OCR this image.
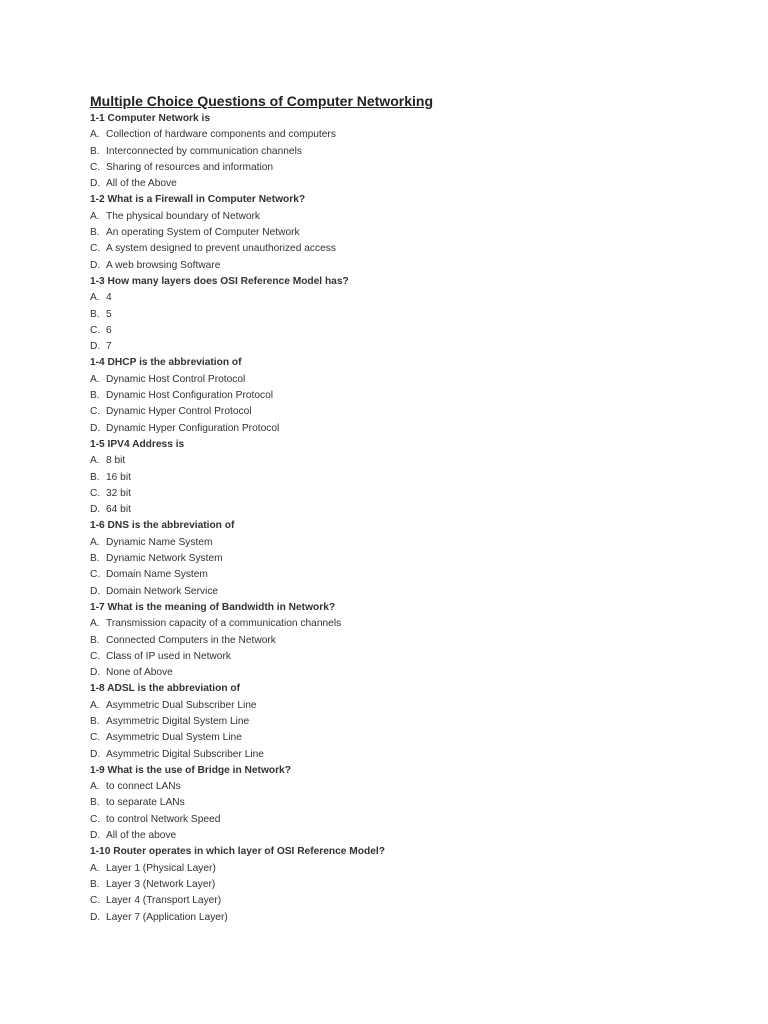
Multiple Choice Questions of Computer Networking
1-1 Computer Network is
A. Collection of hardware components and computers
B. Interconnected by communication channels
C. Sharing of resources and information
D. All of the Above
1-2 What is a Firewall in Computer Network?
A. The physical boundary of Network
B. An operating System of Computer Network
C. A system designed to prevent unauthorized access
D. A web browsing Software
1-3 How many layers does OSI Reference Model has?
A. 4
B. 5
C. 6
D. 7
1-4 DHCP is the abbreviation of
A. Dynamic Host Control Protocol
B. Dynamic Host Configuration Protocol
C. Dynamic Hyper Control Protocol
D. Dynamic Hyper Configuration Protocol
1-5 IPV4 Address is
A. 8 bit
B. 16 bit
C. 32 bit
D. 64 bit
1-6 DNS is the abbreviation of
A. Dynamic Name System
B. Dynamic Network System
C. Domain Name System
D. Domain Network Service
1-7 What is the meaning of Bandwidth in Network?
A. Transmission capacity of a communication channels
B. Connected Computers in the Network
C. Class of IP used in Network
D. None of Above
1-8 ADSL is the abbreviation of
A. Asymmetric Dual Subscriber Line
B. Asymmetric Digital System Line
C. Asymmetric Dual System Line
D. Asymmetric Digital Subscriber Line
1-9 What is the use of Bridge in Network?
A. to connect LANs
B. to separate LANs
C. to control Network Speed
D. All of the above
1-10 Router operates in which layer of OSI Reference Model?
A. Layer 1 (Physical Layer)
B. Layer 3 (Network Layer)
C. Layer 4 (Transport Layer)
D. Layer 7 (Application Layer)
